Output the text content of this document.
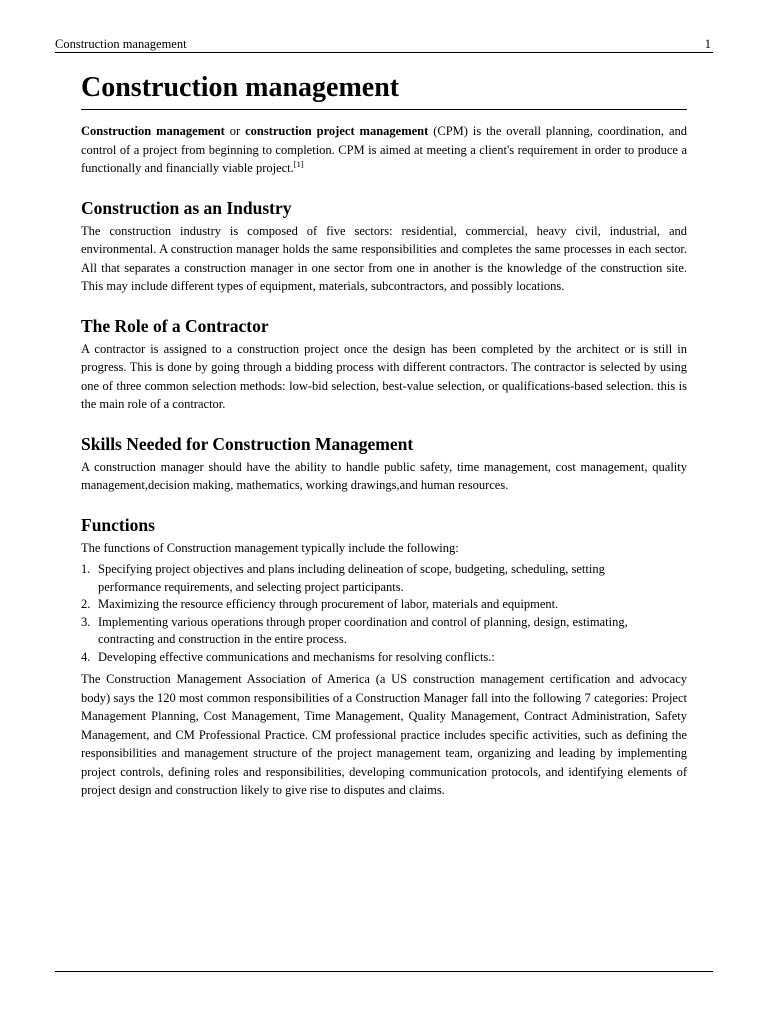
Construction management	1
Construction management

Construction management or construction project management (CPM) is the overall planning, coordination, and control of a project from beginning to completion. CPM is aimed at meeting a client's requirement in order to produce a functionally and financially viable project.[1]

Construction as an Industry

The construction industry is composed of five sectors: residential, commercial, heavy civil, industrial, and environmental. A construction manager holds the same responsibilities and completes the same processes in each sector. All that separates a construction manager in one sector from one in another is the knowledge of the construction site. This may include different types of equipment, materials, subcontractors, and possibly locations.

The Role of a Contractor

A contractor is assigned to a construction project once the design has been completed by the architect or is still in progress. This is done by going through a bidding process with different contractors. The contractor is selected by using one of three common selection methods: low-bid selection, best-value selection, or qualifications-based selection. this is the main role of a contractor.

Skills Needed for Construction Management

A construction manager should have the ability to handle public safety, time management, cost management, quality management,decision making, mathematics, working drawings,and human resources.

Functions

The functions of Construction management typically include the following:

1. Specifying project objectives and plans including delineation of scope, budgeting, scheduling, setting performance requirements, and selecting project participants.
2. Maximizing the resource efficiency through procurement of labor, materials and equipment.
3. Implementing various operations through proper coordination and control of planning, design, estimating, contracting and construction in the entire process.
4. Developing effective communications and mechanisms for resolving conflicts.:

The Construction Management Association of America (a US construction management certification and advocacy body) says the 120 most common responsibilities of a Construction Manager fall into the following 7 categories: Project Management Planning, Cost Management, Time Management, Quality Management, Contract Administration, Safety Management, and CM Professional Practice. CM professional practice includes specific activities, such as defining the responsibilities and management structure of the project management team, organizing and leading by implementing project controls, defining roles and responsibilities, developing communication protocols, and identifying elements of project design and construction likely to give rise to disputes and claims.
